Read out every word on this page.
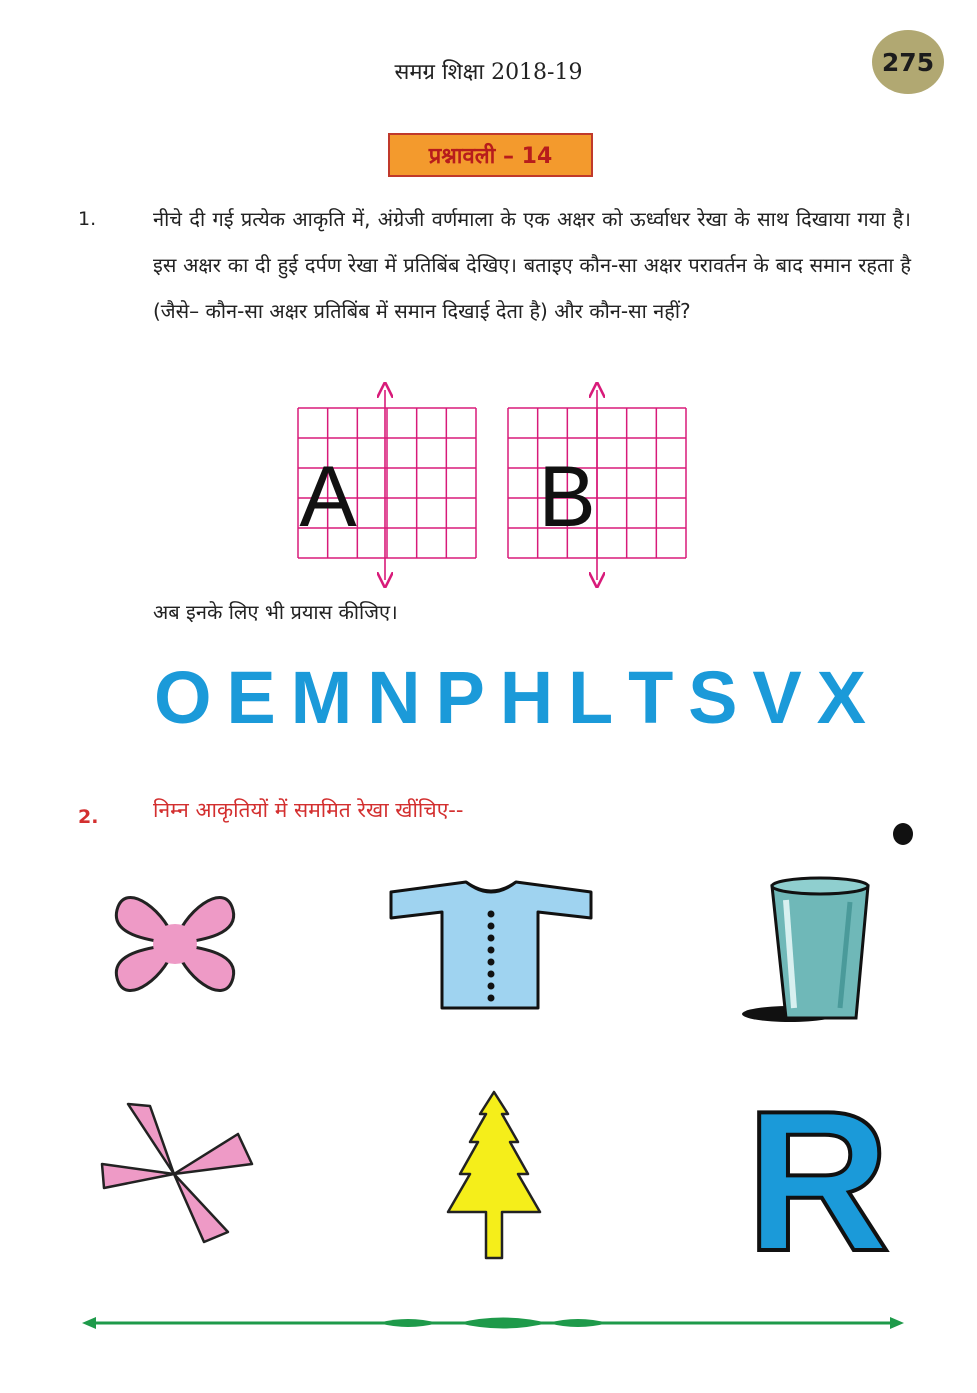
समग्र शिक्षा 2018-19	275
प्रश्नावली – 14
1.	नीचे दी गई प्रत्येक आकृति में, अंग्रेजी वर्णमाला के एक अक्षर को ऊर्ध्वाधर रेखा के साथ दिखाया गया है। इस अक्षर का दी हुई दर्पण रेखा में प्रतिबिंब देखिए। बताइए कौन-सा अक्षर परावर्तन के बाद समान रहता है (जैसे– कौन-सा अक्षर प्रतिबिंब में समान दिखाई देता है) और कौन-सा नहीं?
A B
अब इनके लिए भी प्रयास कीजिए।
O E M N P H L T S V X
2.	निम्न आकृतियों में सममित रेखा खींचिए--
R
